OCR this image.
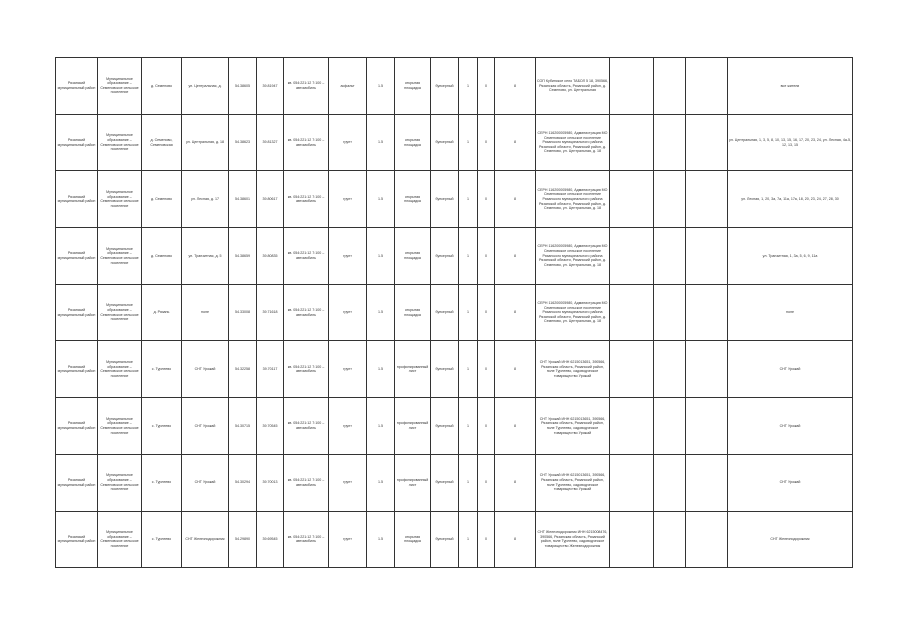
Рязанский муниципальный район	Муниципальное образование – Семеновское сельское поселение	д. Семеново	ул. Центральная, д.	54.38605	39.81947	кв. 054:221:12 7:100 – автомобиль	асфальт	1.5	открытая площадка	бункерный	1	0	8	СОП Кубинское село ТАБОЛ 5 18, 390566, Рязанская область, Рязанский район, д. Семеново, ул. Центральная				все жители
Рязанский муниципальный район	Муниципальное образование – Семеновское сельское поселение	д. Семеново, Семеновская	ул. Центральная, д. 18	54.38623	39.81327	кв. 054:221:12 7:100 – автомобиль	грунт	1.5	открытая площадка	бункерный	1	0	8	СЕРН 116200005980, Администрация МО Семеновское сельское поселение Рязанского муниципального района Рязанской области, Рязанский район, д. Семеново, ул. Центральная, д. 18				ул. Центральная, 1, 3, 5, 8, 10, 13, 15, 16, 17, 20, 23, 24, ул. Лесная, 4а-5, 12, 13, 15
Рязанский муниципальный район	Муниципальное образование – Семеновское сельское поселение	д. Семеново	ул. Лесная, д. 17	54.38601	39.80617	кв. 054:221:12 7:100 – автомобиль	грунт	1.5	открытая площадка	бункерный	1	0	8	СЕРН 116200005980, Администрация МО Семеновское сельское поселение Рязанского муниципального района Рязанской области, Рязанский район, д. Семеново, ул. Центральная, д. 18				ул. Лесная, 1, 20, 3а, 7а, 11а, 17а, 18, 20, 23, 24, 27, 28, 30
Рязанский муниципальный район	Муниципальное образование – Семеновское сельское поселение	д. Семеново	ул. Транзитная, д. 5	54.38659	39.80835	кв. 054:221:12 7:100 – автомобиль	грунт	1.5	открытая площадка	бункерный	1	0	8	СЕРН 116200005980, Администрация МО Семеновское сельское поселение Рязанского муниципального района Рязанской области, Рязанский район, д. Семеново, ул. Центральная, д. 18				ул. Транзитная, 1, 3а, 5, 6, 9, 11а
Рязанский муниципальный район	Муниципальное образование – Семеновское сельское поселение	д. Рязань	поле	54.33008	39.71618	кв. 054:221:12 7:100 – автомобиль	грунт	1.5	открытая площадка	бункерный	1	0	8	СЕРН 116200005980, Администрация МО Семеновское сельское поселение Рязанского муниципального района Рязанской области, Рязанский район, д. Семеново, ул. Центральная, д. 18				поле
Рязанский муниципальный район	Муниципальное образование – Семеновское сельское поселение	с. Турлеево	СНТ Урожай	54.32258	39.70117	кв. 054:221:12 7:100 – автомобиль	грунт	1.5	профилированный лист	бункерный	1	0	8	СНТ Урожай ИНН 6215013651, 390566, Рязанская область, Рязанский район, поле Турлеево, садоводческое товарищество Урожай				СНТ Урожай
Рязанский муниципальный район	Муниципальное образование – Семеновское сельское поселение	с. Турлеево	СНТ Урожай	54.30715	39.70545	кв. 054:221:12 7:100 – автомобиль	грунт	1.5	профилированный лист	бункерный	1	0	8	СНТ Урожай ИНН 6215013651, 390566, Рязанская область, Рязанский район, поле Турлеево, садоводческое товарищество Урожай				СНТ Урожай
Рязанский муниципальный район	Муниципальное образование – Семеновское сельское поселение	с. Турлеево	СНТ Урожай	54.30294	39.70013	кв. 054:221:12 7:100 – автомобиль	грунт	1.5	профилированный лист	бункерный	1	0	8	СНТ Урожай ИНН 6215013651, 390566, Рязанская область, Рязанский район, поле Турлеево, садоводческое товарищество Урожай				СНТ Урожай
Рязанский муниципальный район	Муниципальное образование – Семеновское сельское поселение	с. Турлеево	СНТ Железнодорожник	54.29890	39.69545	кв. 054:221:12 7:100 – автомобиль	грунт	1.5	открытая площадка	бункерный	1	0	8	СНТ Железнодорожник ИНН 6215008476, 390566, Рязанская область, Рязанский район, поле Турлеево, садоводческое товарищество Железнодорожник				СНТ Железнодорожник
